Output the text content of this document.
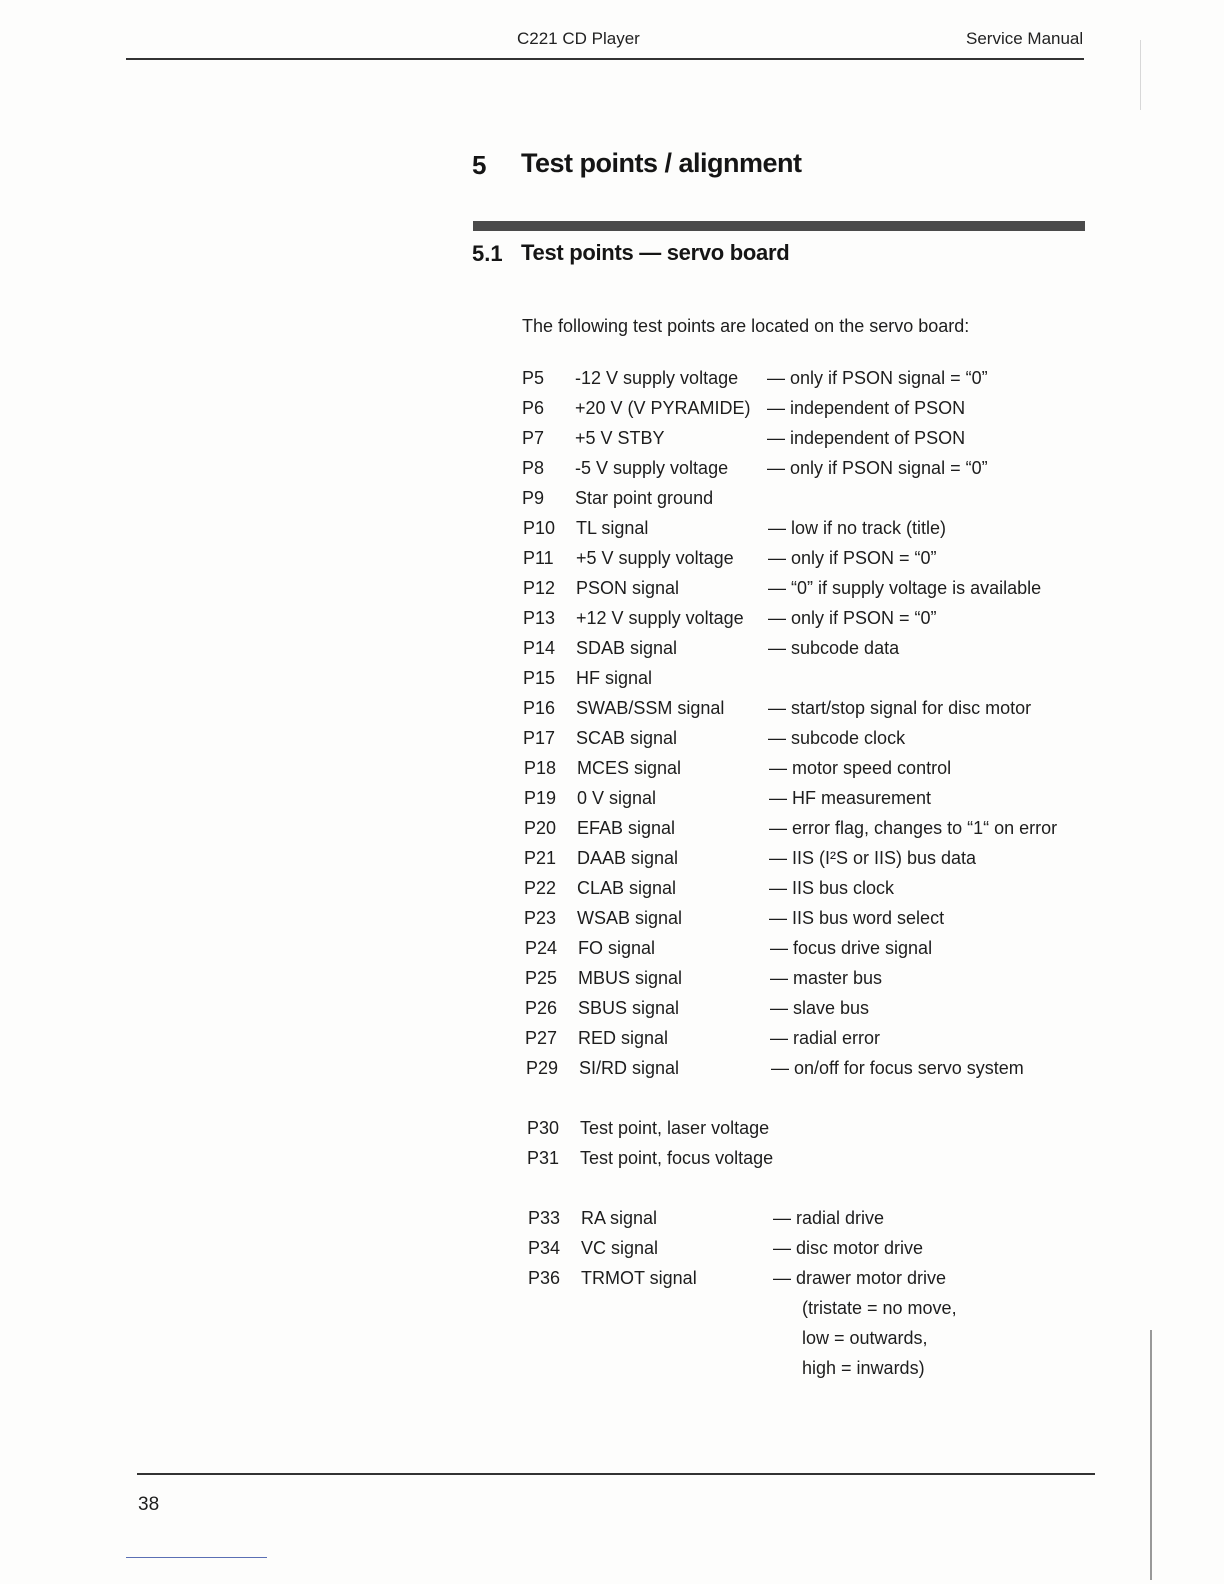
C221 CD Player	Service Manual
5 Test points / alignment
5.1 Test points — servo board
The following test points are located on the servo board:
P5 -12 V supply voltage — only if PSON signal = “0”
P6 +20 V (V PYRAMIDE) — independent of PSON
P7 +5 V STBY	— independent of PSON
P8 -5 V supply voltage — only if PSON signal = “0”
P9 Star point ground
P10 TL signal	— low if no track (title)
P11 +5 V supply voltage — only if PSON = “0”
P12 PSON signal	— “0” if supply voltage is available
P13 +12 V supply voltage — only if PSON = “0”
P14 SDAB signal	— subcode data
P15 HF signal
P16 SWAB/SSM signal — start/stop signal for disc motor
P17 SCAB signal	— subcode clock
P18 MCES signal	— motor speed control
P19 0 V signal	— HF measurement
P20 EFAB signal	— error flag, changes to “1“ on error
P21 DAAB signal	— IIS (I²S or IIS) bus data
P22 CLAB signal	— IIS bus clock
P23 WSAB signal	— IIS bus word select
P24 FO signal	— focus drive signal
P25 MBUS signal	— master bus
P26 SBUS signal	— slave bus
P27 RED signal	— radial error
P29 SI/RD signal	— on/off for focus servo system
P30 Test point, laser voltage
P31 Test point, focus voltage
P33 RA signal	— radial drive
P34 VC signal	— disc motor drive
P36 TRMOT signal	— drawer motor drive
(tristate = no move,
low = outwards,
high = inwards)
38
